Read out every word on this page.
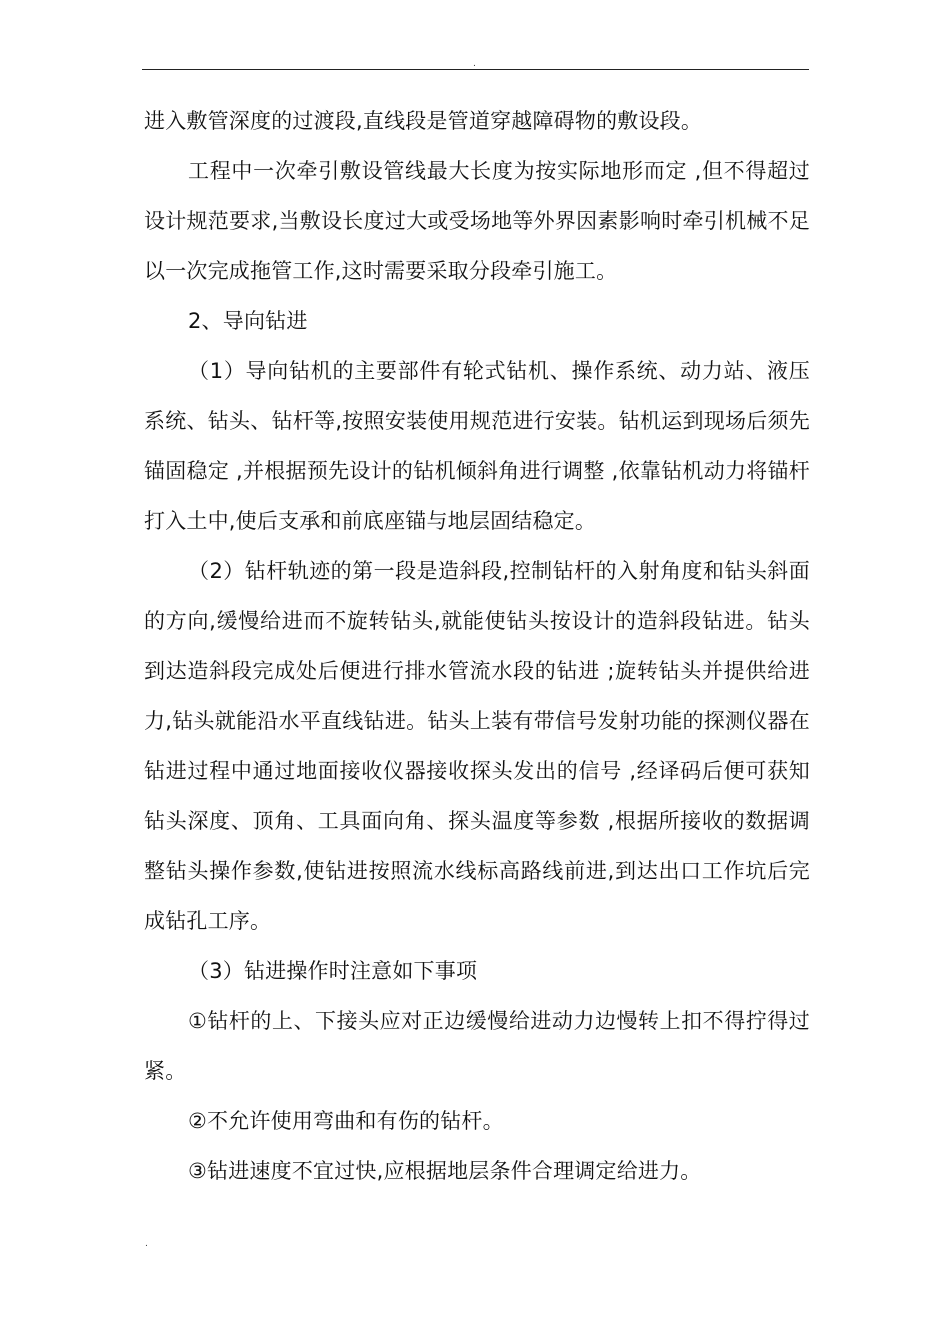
.

进入敷管深度的过渡段,直线段是管道穿越障碍物的敷设段。

工程中一次牵引敷设管线最大长度为按实际地形而定 ,但不得超过设计规范要求,当敷设长度过大或受场地等外界因素影响时牵引机械不足以一次完成拖管工作,这时需要采取分段牵引施工。

2、导向钻进

（1）导向钻机的主要部件有轮式钻机、操作系统、动力站、液压系统、钻头、钻杆等,按照安装使用规范进行安装。钻机运到现场后须先锚固稳定 ,并根据预先设计的钻机倾斜角进行调整 ,依靠钻机动力将锚杆打入土中,使后支承和前底座锚与地层固结稳定。

（2）钻杆轨迹的第一段是造斜段,控制钻杆的入射角度和钻头斜面的方向,缓慢给进而不旋转钻头,就能使钻头按设计的造斜段钻进。钻头到达造斜段完成处后便进行排水管流水段的钻进 ;旋转钻头并提供给进力,钻头就能沿水平直线钻进。钻头上装有带信号发射功能的探测仪器在钻进过程中通过地面接收仪器接收探头发出的信号 ,经译码后便可获知钻头深度、顶角、工具面向角、探头温度等参数 ,根据所接收的数据调整钻头操作参数,使钻进按照流水线标高路线前进,到达出口工作坑后完成钻孔工序。

（3）钻进操作时注意如下事项

①钻杆的上、下接头应对正边缓慢给进动力边慢转上扣不得拧得过紧。

②不允许使用弯曲和有伤的钻杆。

③钻进速度不宜过快,应根据地层条件合理调定给进力。

.
